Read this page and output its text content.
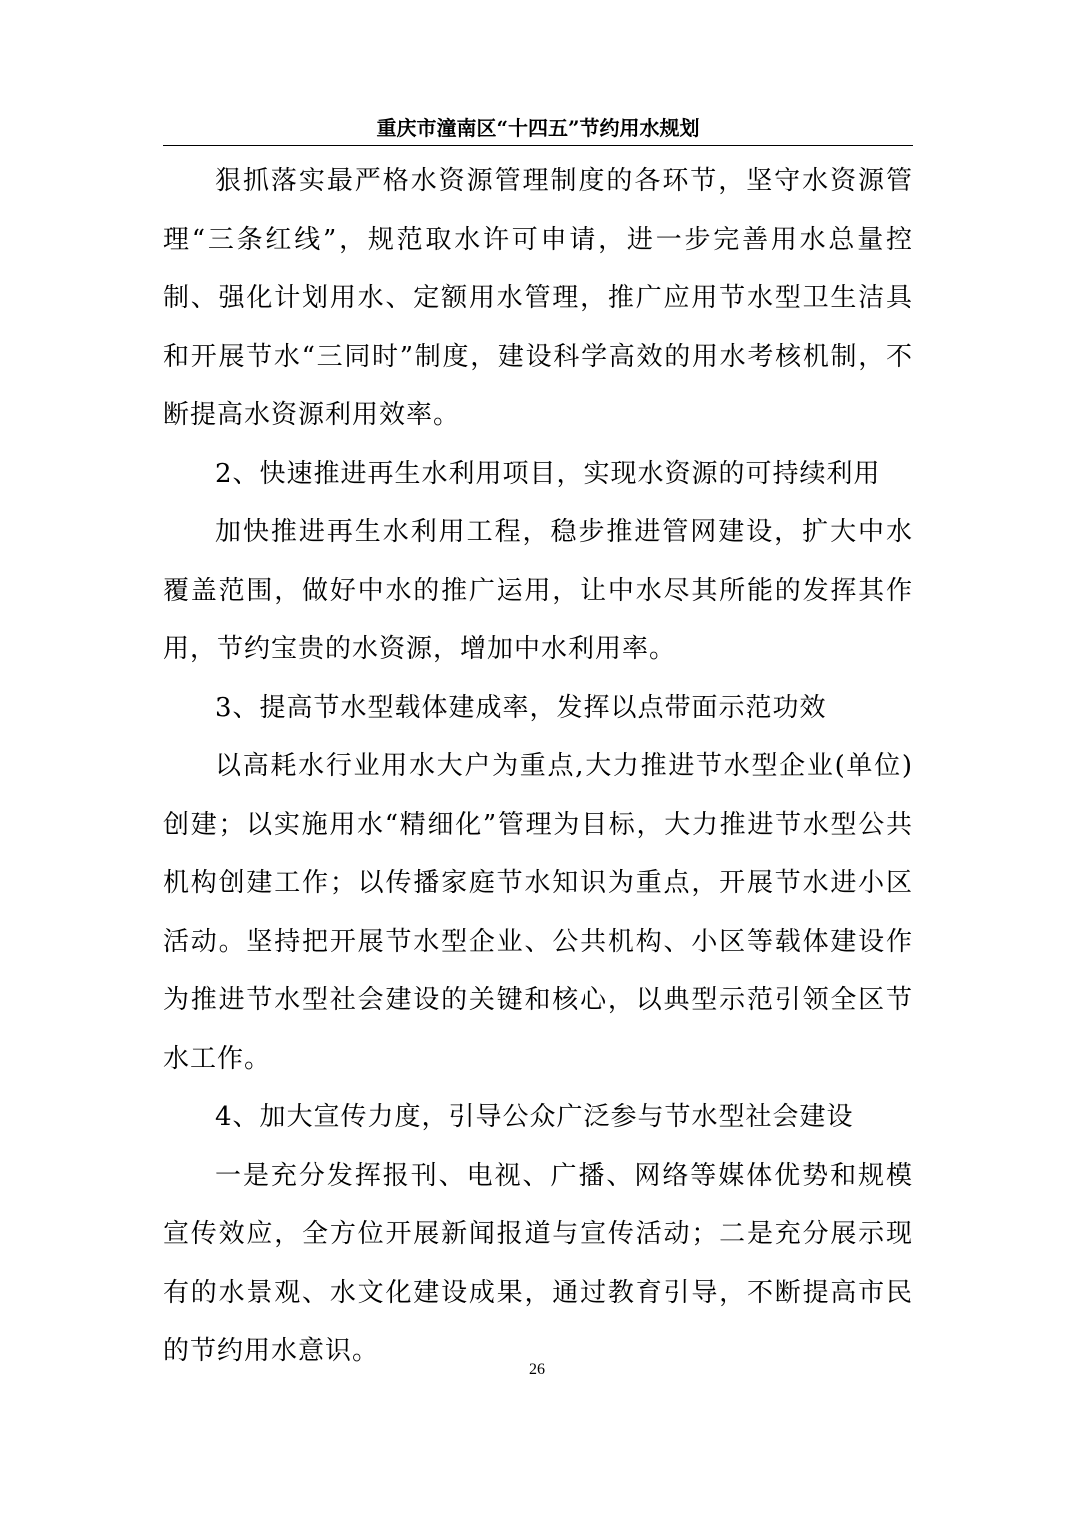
重庆市潼南区“十四五”节约用水规划

狠抓落实最严格水资源管理制度的各环节，坚守水资源管理“三条红线”，规范取水许可申请，进一步完善用水总量控制、强化计划用水、定额用水管理，推广应用节水型卫生洁具和开展节水“三同时”制度，建设科学高效的用水考核机制，不断提高水资源利用效率。

2、快速推进再生水利用项目，实现水资源的可持续利用

加快推进再生水利用工程，稳步推进管网建设，扩大中水覆盖范围，做好中水的推广运用，让中水尽其所能的发挥其作用，节约宝贵的水资源，增加中水利用率。

3、提高节水型载体建成率，发挥以点带面示范功效

以高耗水行业用水大户为重点,大力推进节水型企业(单位)创建；以实施用水“精细化”管理为目标，大力推进节水型公共机构创建工作；以传播家庭节水知识为重点，开展节水进小区活动。坚持把开展节水型企业、公共机构、小区等载体建设作为推进节水型社会建设的关键和核心，以典型示范引领全区节水工作。

4、加大宣传力度，引导公众广泛参与节水型社会建设

一是充分发挥报刊、电视、广播、网络等媒体优势和规模宣传效应，全方位开展新闻报道与宣传活动；二是充分展示现有的水景观、水文化建设成果，通过教育引导，不断提高市民的节约用水意识。

26
